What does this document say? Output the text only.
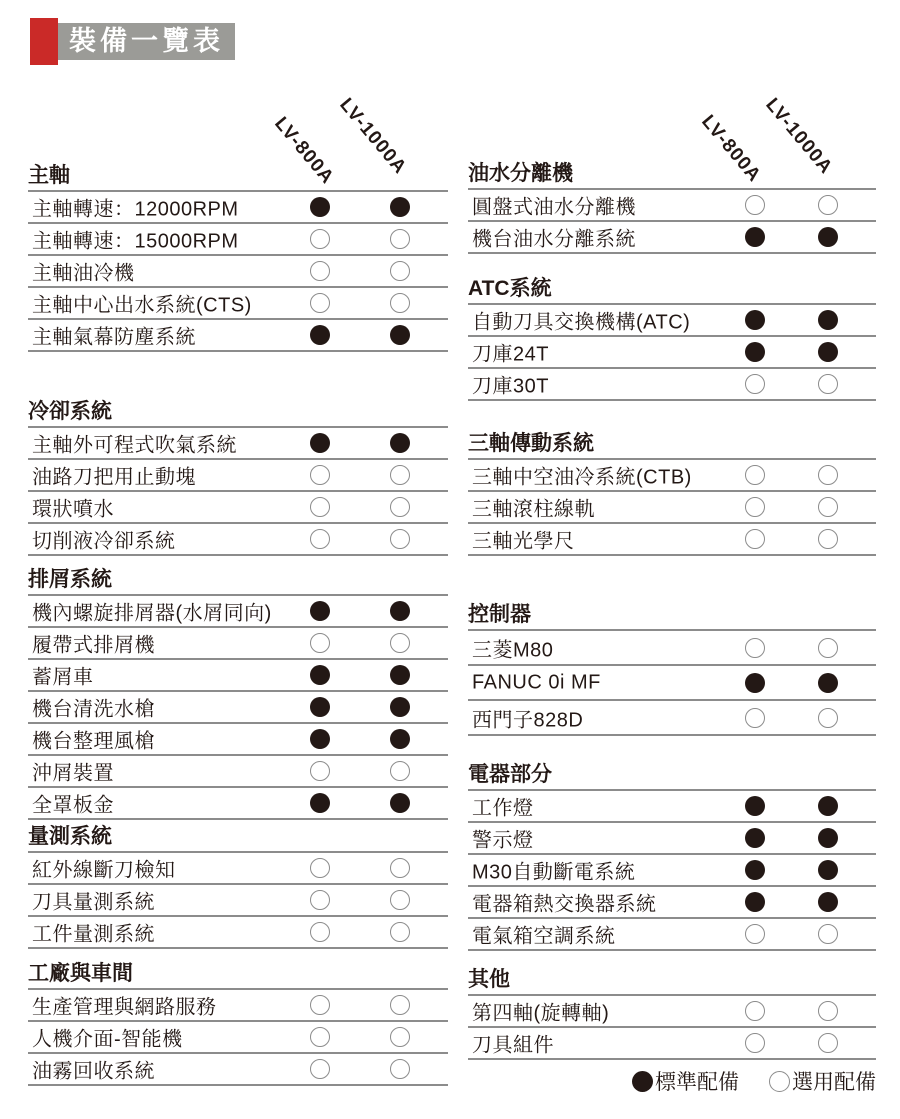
裝備一覽表
LV-800A
LV-1000A	LV-800A
LV-1000A
主軸
主軸轉速：12000RPM
主軸轉速：15000RPM
主軸油冷機
主軸中心出水系統(CTS)
主軸氣幕防塵系統
冷卻系統
主軸外可程式吹氣系統
油路刀把用止動塊
環狀噴水
切削液冷卻系統
排屑系統
機內螺旋排屑器(水屑同向)
履帶式排屑機
蓄屑車
機台清洗水槍
機台整理風槍
沖屑裝置
全罩板金
量測系統
紅外線斷刀檢知
刀具量測系統
工件量測系統
工廠與車間
生產管理與網路服務
人機介面-智能機
油霧回收系統
油水分離機
圓盤式油水分離機
機台油水分離系統
ATC系統
自動刀具交換機構(ATC)
刀庫24T
刀庫30T
三軸傳動系統
三軸中空油冷系統(CTB)
三軸滾柱線軌
三軸光學尺
控制器
三菱M80
FANUC 0i MF
西門子828D
電器部分
工作燈
警示燈
M30自動斷電系統
電器箱熱交換器系統
電氣箱空調系統
其他
第四軸(旋轉軸)
刀具組件
標準配備	選用配備
